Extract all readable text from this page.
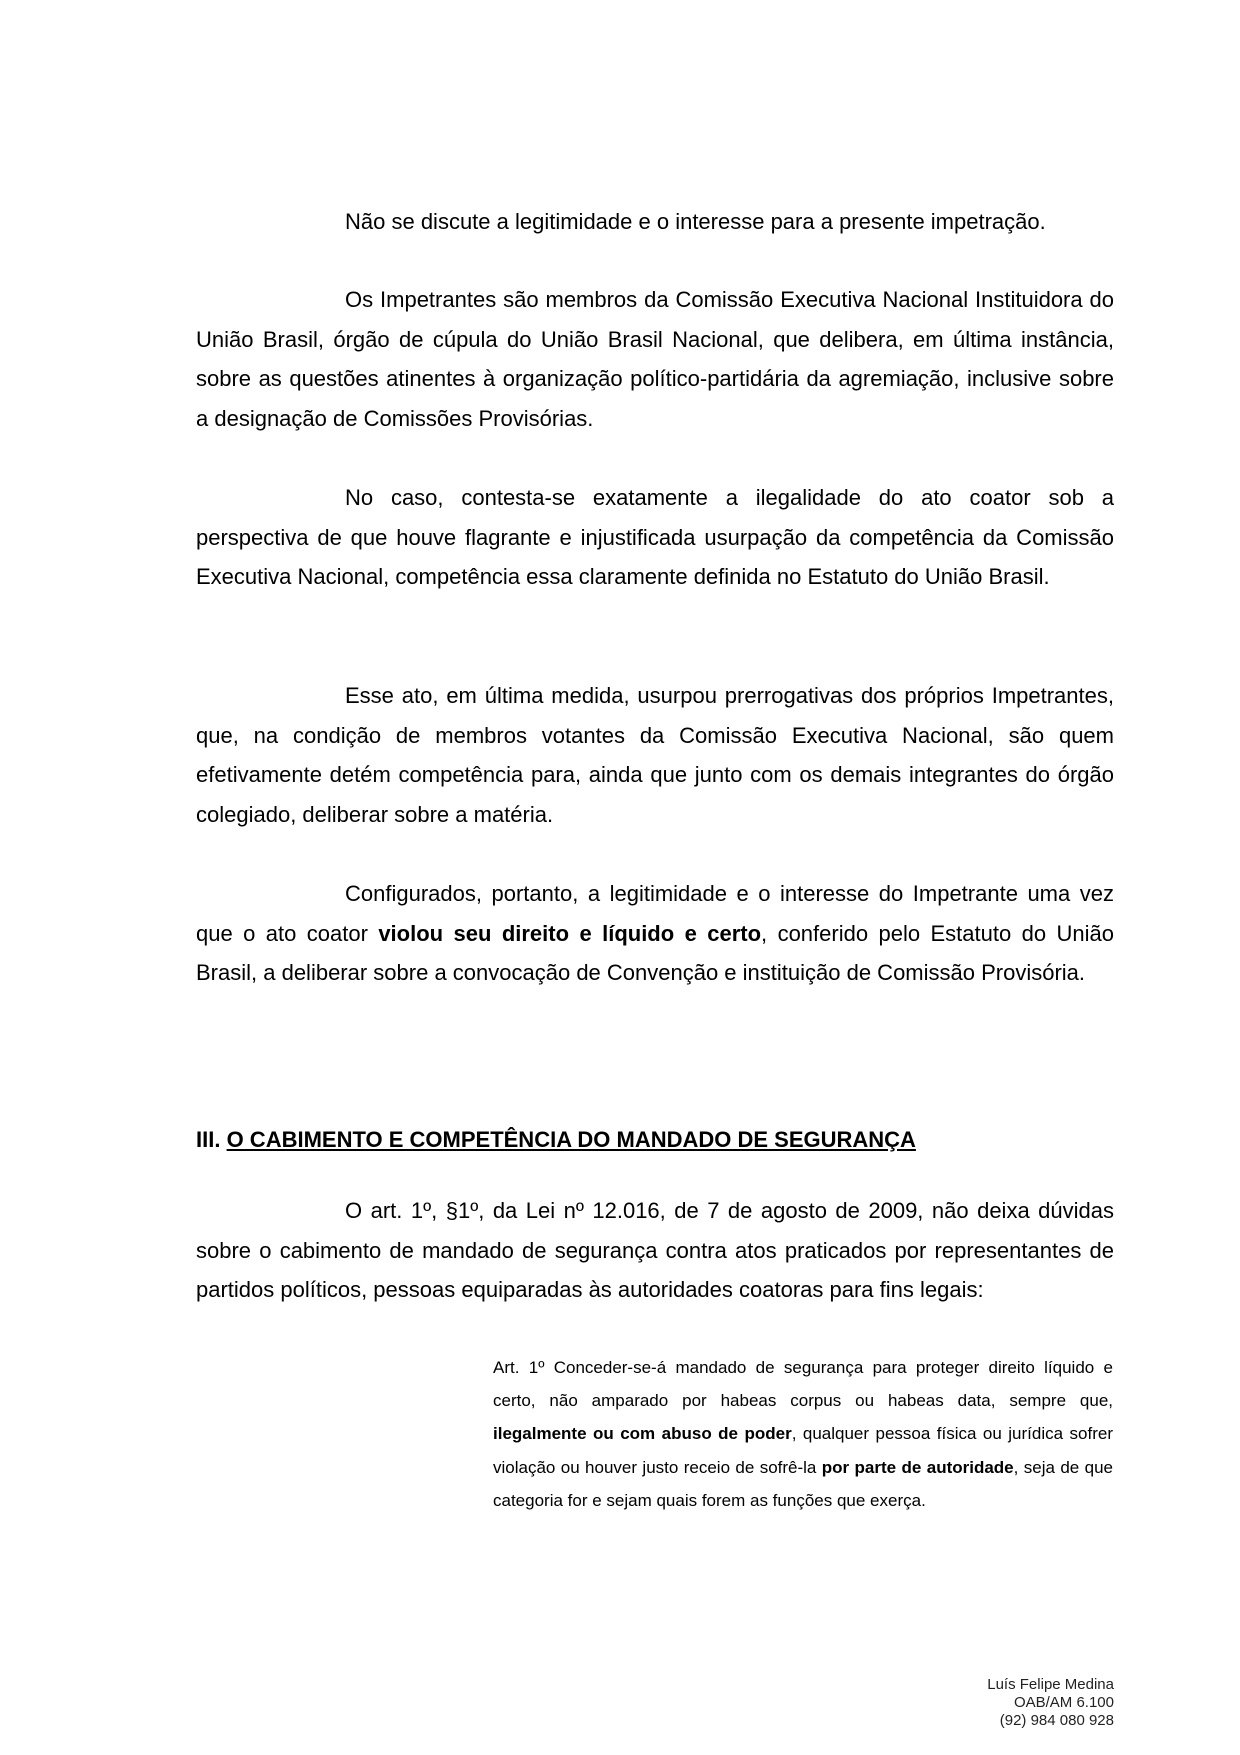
Não se discute a legitimidade e o interesse para a presente impetração.
Os Impetrantes são membros da Comissão Executiva Nacional Instituidora do União Brasil, órgão de cúpula do União Brasil Nacional, que delibera, em última instância, sobre as questões atinentes à organização político-partidária da agremiação, inclusive sobre a designação de Comissões Provisórias.
No caso, contesta-se exatamente a ilegalidade do ato coator sob a perspectiva de que houve flagrante e injustificada usurpação da competência da Comissão Executiva Nacional, competência essa claramente definida no Estatuto do União Brasil.
Esse ato, em última medida, usurpou prerrogativas dos próprios Impetrantes, que, na condição de membros votantes da Comissão Executiva Nacional, são quem efetivamente detém competência para, ainda que junto com os demais integrantes do órgão colegiado, deliberar sobre a matéria.
Configurados, portanto, a legitimidade e o interesse do Impetrante uma vez que o ato coator violou seu direito e líquido e certo, conferido pelo Estatuto do União Brasil, a deliberar sobre a convocação de Convenção e instituição de Comissão Provisória.
III. O CABIMENTO E COMPETÊNCIA DO MANDADO DE SEGURANÇA
O art. 1º, §1º, da Lei nº 12.016, de 7 de agosto de 2009, não deixa dúvidas sobre o cabimento de mandado de segurança contra atos praticados por representantes de partidos políticos, pessoas equiparadas às autoridades coatoras para fins legais:
Art. 1º Conceder-se-á mandado de segurança para proteger direito líquido e certo, não amparado por habeas corpus ou habeas data, sempre que, ilegalmente ou com abuso de poder, qualquer pessoa física ou jurídica sofrer violação ou houver justo receio de sofrê-la por parte de autoridade, seja de que categoria for e sejam quais forem as funções que exerça.
Luís Felipe Medina
OAB/AM 6.100
(92) 984 080 928
